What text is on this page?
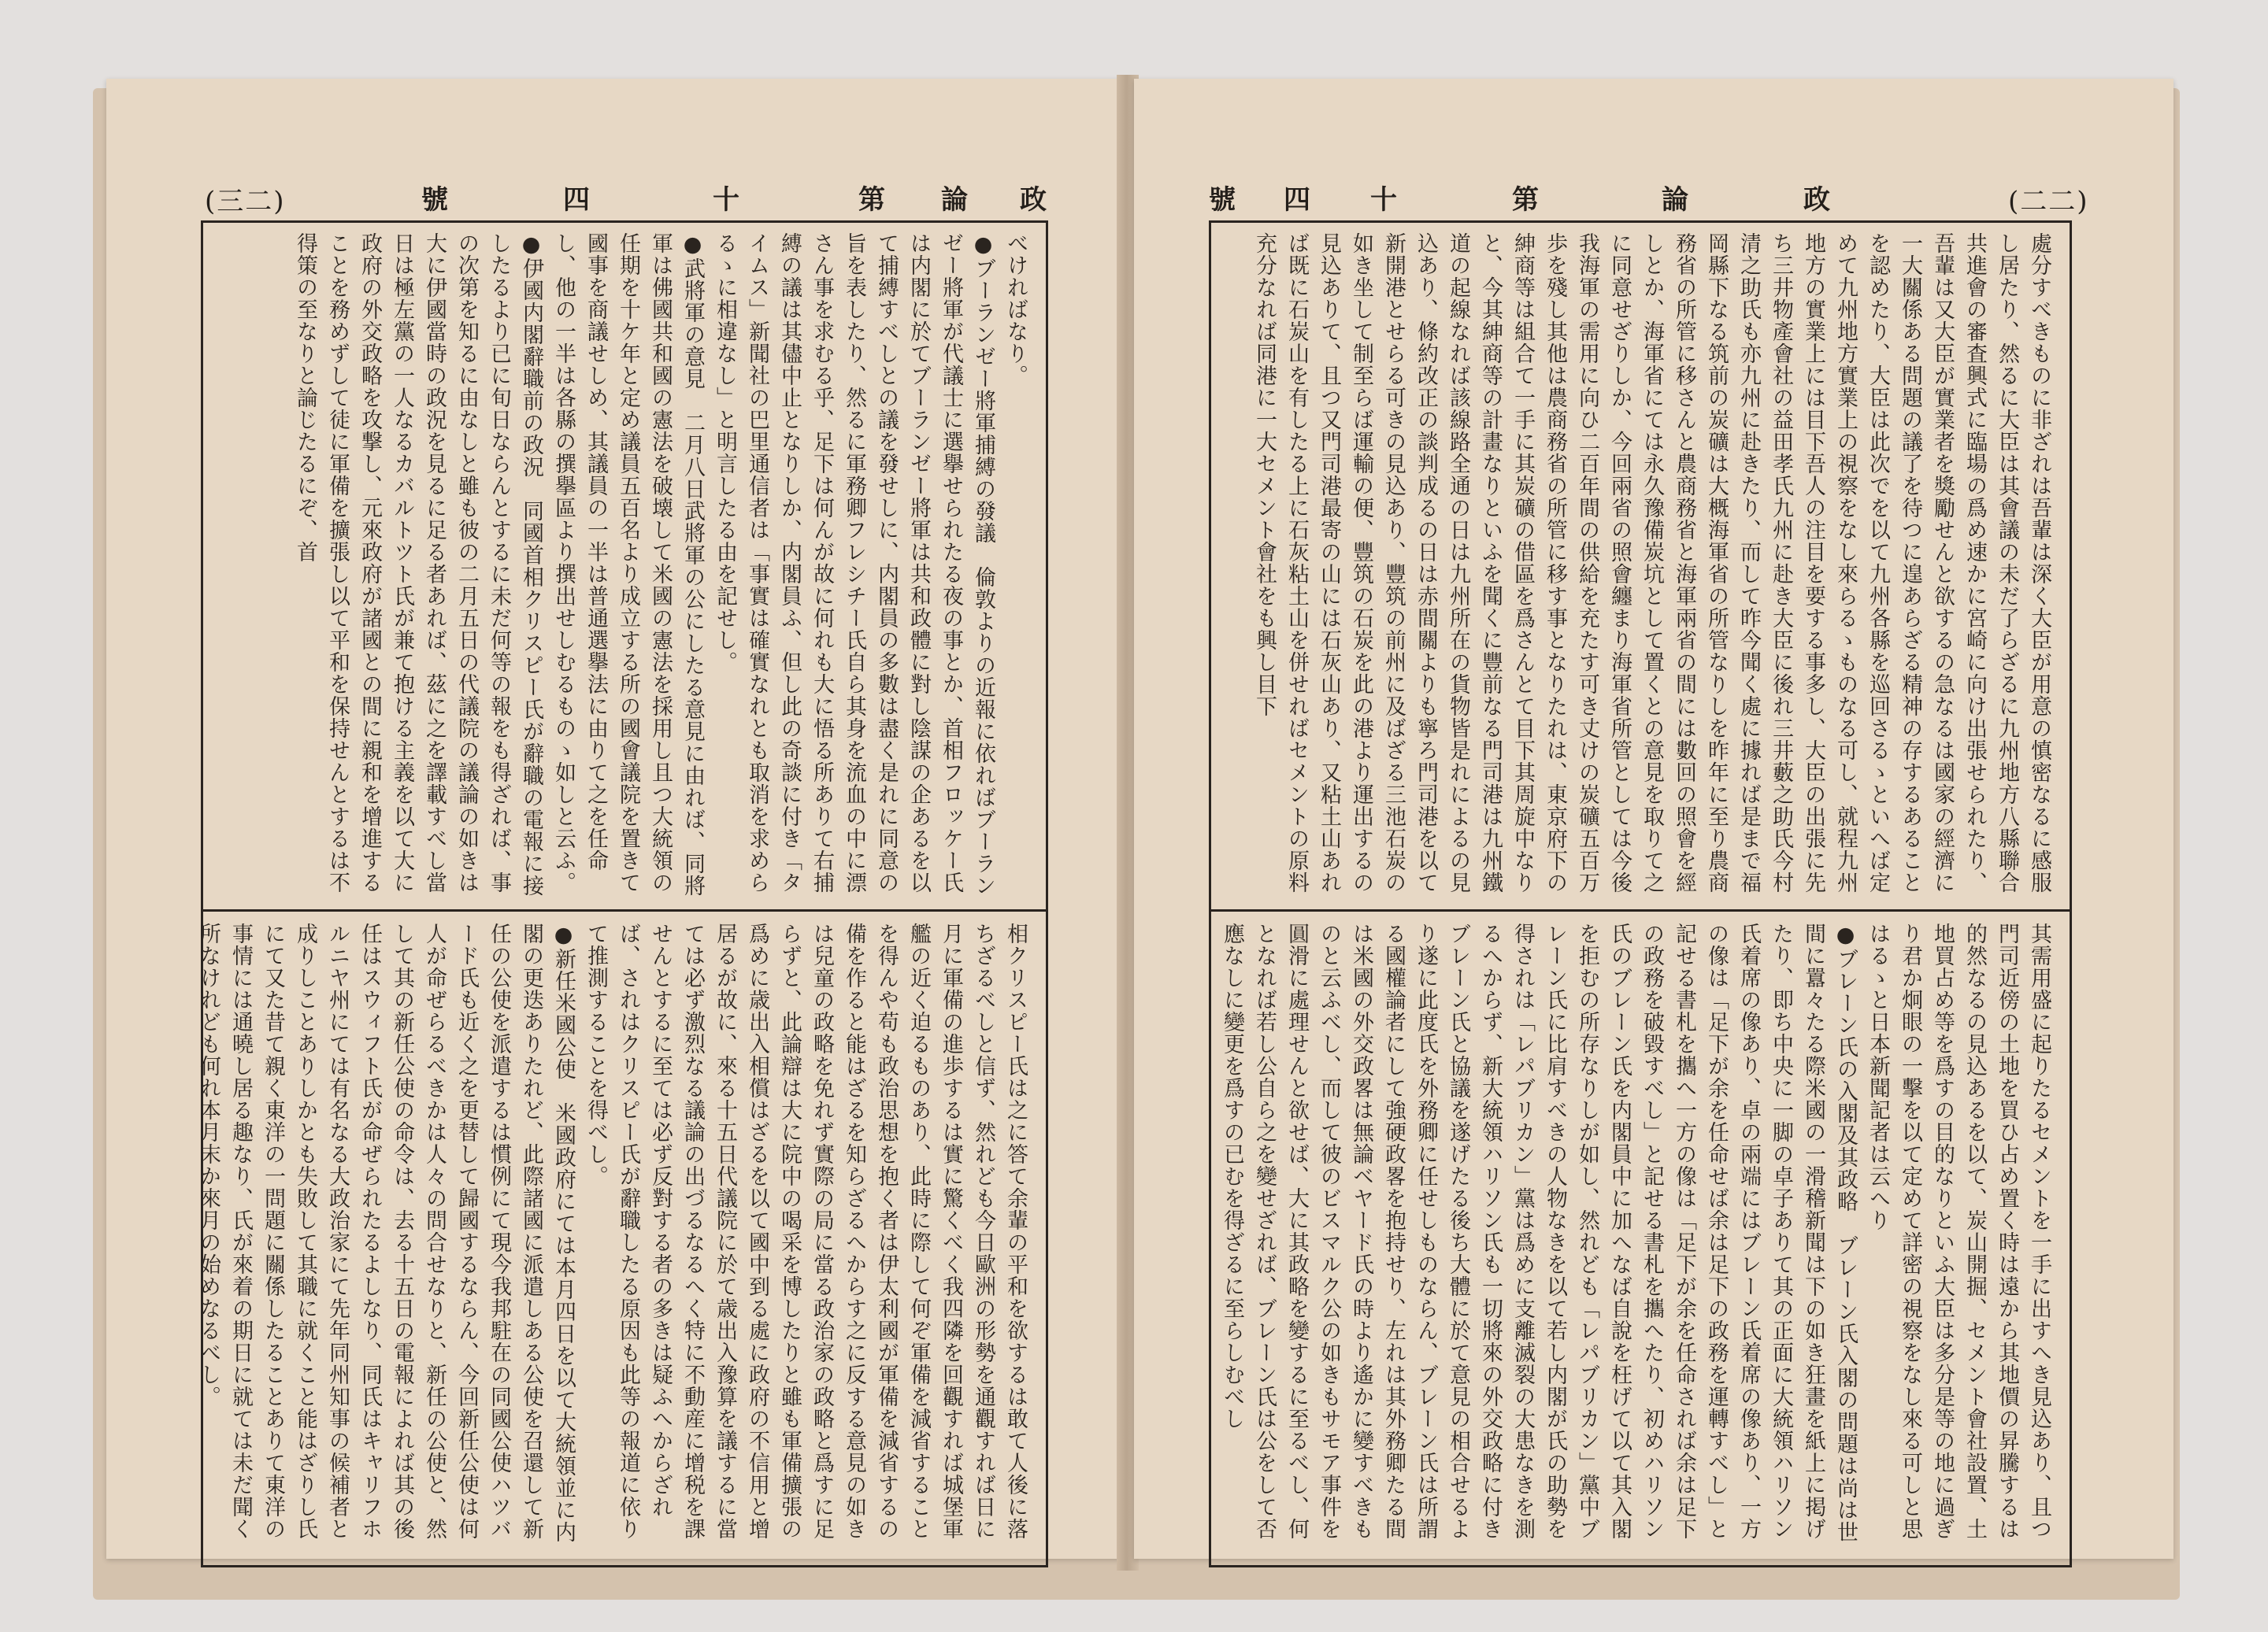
(三二)	號	四	十	第 論 政

べければなり。

●ブーランゼー將軍捕縛の發議　倫敦よりの近報に依ればブーランゼー將軍が代議士に選擧せられたる夜の事とか、首相フロッケー氏は内閣に於てブーランゼー將軍は共和政體に對し陰謀の企あるを以て捕縛すべしとの議を發せしに、内閣員の多數は盡く是れに同意の旨を表したり、然るに軍務卿フレシチー氏自ら其身を流血の中に漂さん事を求むる乎、足下は何んが故に何れも大に悟る所ありて右捕縛の議は其儘中止となりしか、内閣員ふ、但し此の奇談に付き「タイムス」新聞社の巴里通信者は「事實は確實なれとも取消を求めらるゝに相違なし」と明言したる由を記せし。

●武將軍の意見　二月八日武將軍の公にしたる意見に由れば、同將軍は佛國共和國の憲法を破壊して米國の憲法を採用し且つ大統領の任期を十ケ年と定め議員五百名より成立する所の國會議院を置きて國事を商議せしめ、其議員の一半は普通選擧法に由りて之を任命し、他の一半は各縣の撰擧區より撰出せしむるものゝ如しと云ふ。

●伊國内閣辭職前の政況　同國首相クリスピー氏が辭職の電報に接したるより已に旬日ならんとするに未だ何等の報をも得ざれば、事の次第を知るに由なしと雖も彼の二月五日の代議院の議論の如きは大に伊國當時の政況を見るに足る者あれば、茲に之を譯載すべし當日は極左黨の一人なるカバルトツト氏が兼て抱ける主義を以て大に政府の外交政略を攻撃し、元來政府が諸國との間に親和を增進することを務めずして徒に軍備を擴張し以て平和を保持せんとするは不得策の至なりと論じたるにぞ、首

相クリスピー氏は之に答て余輩の平和を欲するは敢て人後に落ちざるべしと信ず、然れども今日歐洲の形勢を通觀すれば日に月に軍備の進歩するは實に驚くべく我四隣を回觀すれば城堡軍艦の近く迫るものあり、此時に際して何ぞ軍備を減省することを得んや苟も政治思想を抱く者は伊太利國が軍備を減省するの備を作ると能はざるを知らざるへからす之に反する意見の如きは兒童の政略を免れず實際の局に當る政治家の政略と爲すに足らずと、此論辯は大に院中の喝采を博したりと雖も軍備擴張の爲めに歳出入相償はざるを以て國中到る處に政府の不信用と增居るが故に、來る十五日代議院に於て歳出入豫算を議するに當ては必ず激烈なる議論の出づるなるへく特に不動産に增税を課せんとするに至ては必ず反對する者の多きは疑ふへからざれば、されはクリスピー氏が辭職したる原因も此等の報道に依りて推測することを得べし。

●新任米國公使　米國政府にては本月四日を以て大統領並に内閣の更迭ありたれど、此際諸國に派遣しある公使を召還して新任の公使を派遣するは慣例にて現今我邦駐在の同國公使ハツバード氏も近く之を更替して歸國するならん、今回新任公使は何人が命ぜらるべきかは人々の問合せなりと、新任の公使と、然して其の新任公使の命令は、去る十五日の電報によれば其の後任はスウィフト氏が命ぜられたるよしなり、同氏はキャリフホルニヤ州にては有名なる大政治家にて先年同州知事の候補者と成りしことありしかとも失敗して其職に就くこと能はざりし氏にて又た昔て親く東洋の一問題に關係したることありて東洋の事情には通曉し居る趣なり、氏が來着の期日に就ては未だ聞く所なけれども何れ本月末か來月の始めなるべし。

號 四 十	第	論	政	(二二)

處分すべきものに非ざれは吾輩は深く大臣が用意の慎密なるに感服し居たり、然るに大臣は其會議の未だ了らざるに九州地方八縣聯合共進會の審査興式に臨場の爲め速かに宮崎に向け出張せられたり、吾輩は又大臣が實業者を獎勵せんと欲するの急なるは國家の經濟に一大關係ある問題の議了を待つに遑あらざる精神の存するあることを認めたり、大臣は此次でを以て九州各縣を巡回さるゝといへば定めて九州地方實業上の視察をなし來らるゝものなる可し、就程九州地方の實業上には目下吾人の注目を要する事多し、大臣の出張に先ち三井物產會社の益田孝氏九州に赴き大臣に後れ三井藪之助氏今村清之助氏も亦九州に赴きたり、而して昨今聞く處に據れば是まで福岡縣下なる筑前の炭礦は大概海軍省の所管なりしを昨年に至り農商務省の所管に移さんと農商務省と海軍兩省の間には數回の照會を經しとか、海軍省にては永久豫備炭坑として置くとの意見を取りて之に同意せざりしか、今回兩省の照會纏まり海軍省所管としては今後我海軍の需用に向ひ二百年間の供給を充たす可き丈けの炭礦五百万歩を殘し其他は農商務省の所管に移す事となりたれは、東京府下の紳商等は組合て一手に其炭礦の借區を爲さんとて目下其周旋中なりと、今其紳商等の計畫なりといふを聞くに豐前なる門司港は九州鐵道の起線なれば該線路全通の日は九州所在の貨物皆是れによるの見込あり、條約改正の談判成るの日は赤間關よりも寧ろ門司港を以て新開港とせらる可きの見込あり、豐筑の前州に及ばざる三池石炭の如き坐して制至らば運輸の便、豐筑の石炭を此の港より運出するの見込ありて、且つ又門司港最寄の山には石灰山あり、又粘土山あれば既に石炭山を有したる上に石灰粘土山を併せればセメントの原料充分なれば同港に一大セメント會社をも興し目下

其需用盛に起りたるセメントを一手に出すへき見込あり、且つ門司近傍の土地を買ひ占め置く時は遠から其地價の昇騰するは的然なるの見込あるを以て、炭山開掘、セメント會社設置、土地買占め等を爲すの目的なりといふ大臣は多分是等の地に過ぎり君か炯眼の一擊を以て定めて詳密の視察をなし來る可しと思はるゝと日本新聞記者は云へり

●ブレーン氏の入閣及其政略　ブレーン氏入閣の問題は尚は世間に囂々たる際米國の一滑稽新聞は下の如き狂畫を紙上に掲げたり、即ち中央に一脚の卓子ありて其の正面に大統領ハリソン氏着席の像あり、卓の兩端にはブレーン氏着席の像あり、一方の像は「足下が余を任命せば余は足下の政務を運轉すべし」と記せる書札を攜へ一方の像は「足下が余を任命されば余は足下の政務を破毀すべし」と記せる書札を攜へたり、初めハリソン氏のブレーン氏を内閣員中に加へなば自說を枉げて以て其入閣を拒むの所存なりしが如し、然れども「レパブリカン」黨中ブレーン氏に比肩すべきの人物なきを以て若し内閣が氏の助勢を得されは「レパブリカン」黨は爲めに支離滅裂の大患なきを測るへからず、新大統領ハリソン氏も一切將來の外交政略に付きブレーン氏と協議を遂げたる後ち大體に於て意見の相合せるより遂に此度氏を外務卿に任せしものならん、ブレーン氏は所謂る國權論者にして強硬政畧を抱持せり、左れは其外務卿たる間は米國の外交政畧は無論ベヤード氏の時より遙かに變すべきものと云ふべし、而して彼のビスマルク公の如きもサモア事件を圓滑に處理せんと欲せば、大に其政略を變するに至るべし、何となれば若し公自ら之を變せざれば、ブレーン氏は公をして否應なしに變更を爲すの已むを得ざるに至らしむべし
